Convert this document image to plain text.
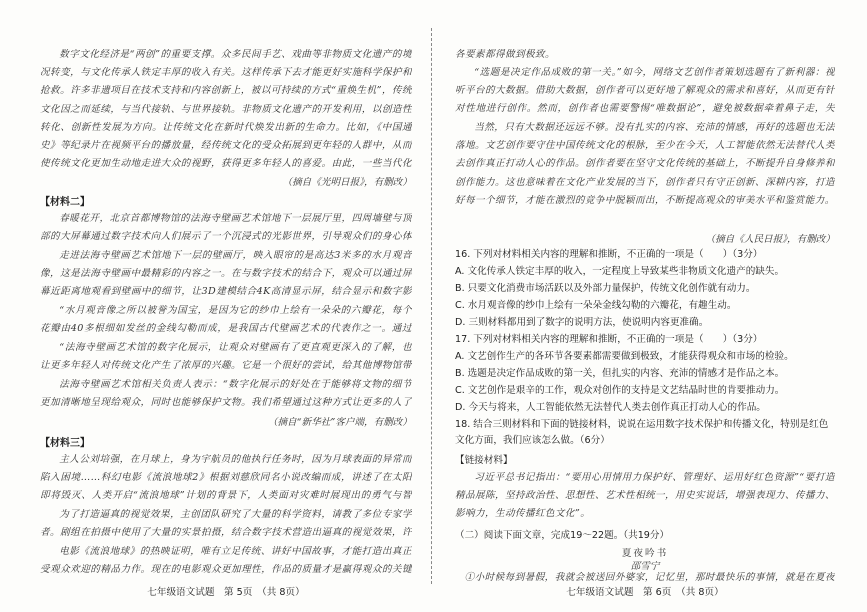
数字文化经济是“两创”的重要支撑。众多民间手艺、戏曲等非物质文化遗产的境况转变，与文化传承人铁定丰厚的收入有关。这样传承下去才能更好实施科学保护和抢救。许多非遗项目在技术支持和内容创新上，被以可持续的方式“重焕生机”，传统文化因之而延续，与当代接轨、与世界接轨。非物质文化遗产的开发利用，以创造性转化、创新性发展为方向。让传统文化在新时代焕发出新的生命力。比如，《中国通史》等纪录片在视频平台的播放量，经传统文化的受众拓展到更年轻的人群中，从而使传统文化更加生动地走进大众的视野，获得更多年轻人的喜爱。由此，一些当代化

（摘自《光明日报》，有删改）

【材料二】

春暖花开，北京首都博物馆的法海寺壁画艺术馆地下一层展厅里，四周墙壁与顶部的大屏幕通过数字技术向人们展示了一个沉浸式的光影世界，引导观众们的身心体

走进法海寺壁画艺术馆地下一层的壁画厅，映入眼帘的是高达3米多的水月观音像，这是法海寺壁画中最精彩的内容之一。在与数字技术的结合下，观众可以通过屏幕近距离地观看到壁画中的细节，让3D建模结合4K高清显示屏，结合显示和数字影

“水月观音像之所以被誉为国宝，是因为它的纱巾上绘有一朵朵的六瓣花，每个花瓣由40多根细如发丝的金线勾勒而成，是我国古代壁画艺术的代表作之一。通过

“法海寺壁画艺术馆的数字化展示，让观众对壁画有了更直观更深入的了解，也让更多年轻人对传统文化产生了浓厚的兴趣。它是一个很好的尝试，给其他博物馆带

法海寺壁画艺术馆相关负责人表示：“数字化展示的好处在于能够将文物的细节更加清晰地呈现给观众，同时也能够保护文物。我们希望通过这种方式让更多的人了

（摘自“新华社”客户端，有删改）

【材料三】

主人公刘培强，在月球上，身为宇航员的他执行任务时，因为月球表面的异常而陷入困境……科幻电影《流浪地球2》根据刘慈欣同名小说改编而成，讲述了在太阳即将毁灭、人类开启“流浪地球”计划的背景下，人类面对灾难时展现出的勇气与智

为了打造逼真的视觉效果，主创团队研究了大量的科学资料，请教了多位专家学者。剧组在拍摄中使用了大量的实景拍摄，结合数字技术营造出逼真的视觉效果，许

电影《流浪地球》的热映证明，唯有立足传统、讲好中国故事，才能打造出真正受观众欢迎的精品力作。现在的电影观众更加理性，作品的质量才是赢得观众的关键

七年级语文试题　第 5页　（共 8页）

各要素都得做到极致。

“选题是决定作品成败的第一关。”如今，网络文艺创作者策划选题有了新利器：视听平台的大数据。借助大数据，创作者可以更好地了解观众的需求和喜好，从而更有针对性地进行创作。然而，创作者也需要警惕“唯数据论”，避免被数据牵着鼻子走，失

当然，只有大数据还远远不够。没有扎实的内容、充沛的情感，再好的选题也无法落地。文艺创作要守住中国传统文化的根脉，至少在今天，人工智能依然无法替代人类去创作真正打动人心的作品。创作者要在坚守文化传统的基础上，不断提升自身修养和创作能力。这也意味着在文化产业发展的当下，创作者只有守正创新、深耕内容，打造好每一个细节，才能在激烈的竞争中脱颖而出，不断提高观众的审美水平和鉴赏能力。

（摘自《人民日报》，有删改）

16. 下列对材料相关内容的理解和推断，不正确的一项是（　　）（3分）

A. 文化传承人铁定丰厚的收入，一定程度上导致某些非物质文化遗产的缺失。

B. 只要文化消费市场活跃以及外部力量保护，传统文化创作就有动力。

C. 水月观音像的纱巾上绘有一朵朵金线勾勒的六瓣花，有趣生动。

D. 三则材料都用到了数字的说明方法，使说明内容更准确。

17. 下列对材料相关内容的理解和推断，不正确的一项是（　　）（3分）

A. 文艺创作生产的各环节各要素都需要做到极致，才能获得观众和市场的检验。

B. 选题是决定作品成败的第一关，但扎实的内容、充沛的情感才是作品之本。

C. 文艺创作是艰辛的工作，观众对创作的支持是文艺结晶时世的肯要推动力。

D. 今天与将来，人工智能依然无法替代人类去创作真正打动人心的作品。

18. 结合三则材料和下面的链接材料，说说在运用数字技术保护和传播文化，特别是红色文化方面，我们应该怎么做。（6分）

【链接材料】

习近平总书记指出：“要用心用情用力保护好、管理好、运用好红色资源”“要打造精品展陈，坚持政治性、思想性、艺术性相统一，用史实说话，增强表现力、传播力、影响力，生动传播红色文化”。

（二）阅读下面文章，完成19～22题。（共19分）

夏夜吟书

邵雪宁

①小时候每到暑假，我就会被送回外婆家，记忆里，那时最快乐的事情，就是在夏夜

七年级语文试题　第 6页　（共 8页）
